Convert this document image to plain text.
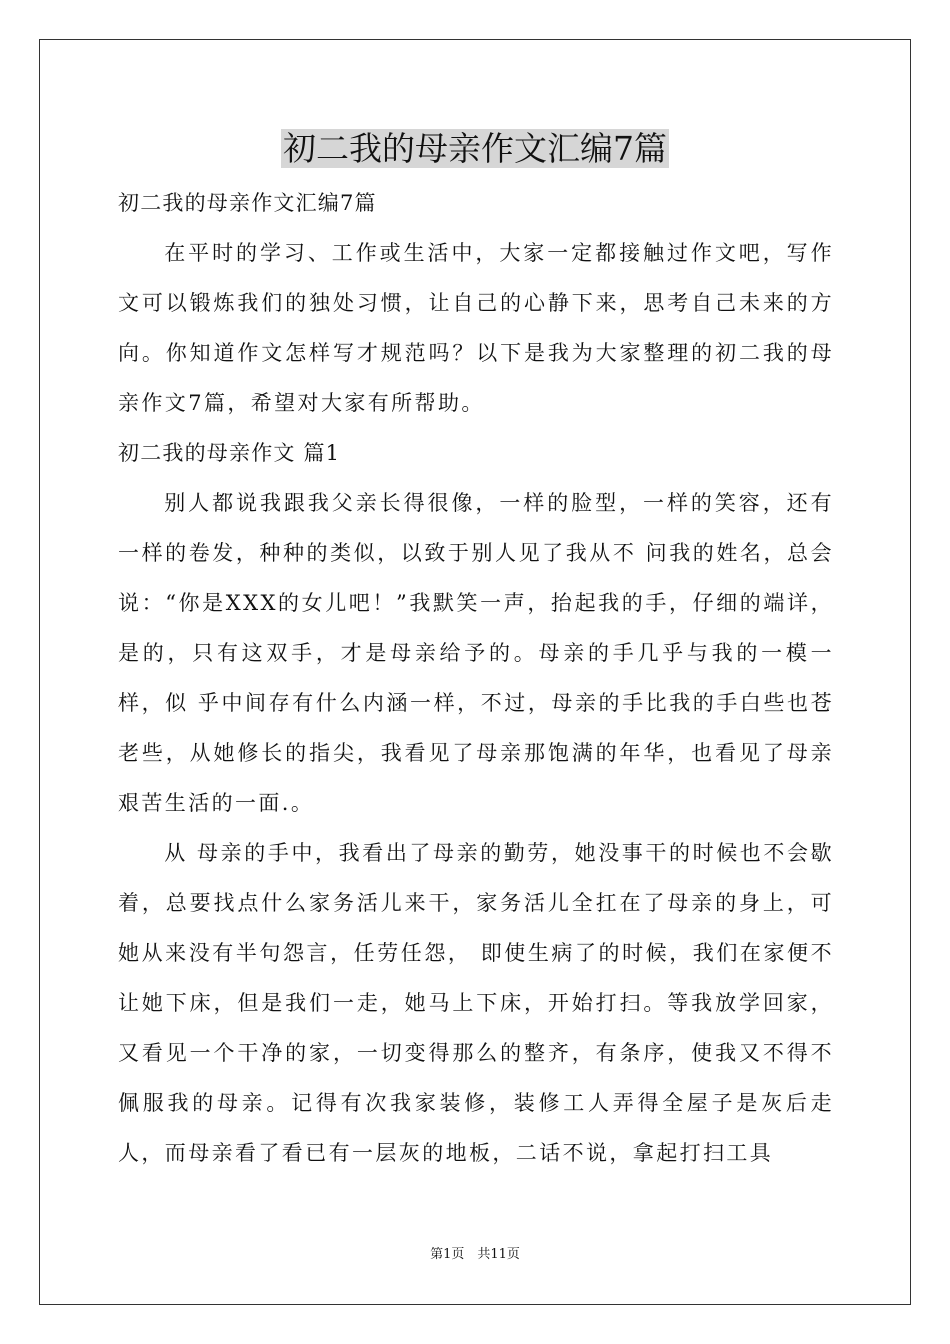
初二我的母亲作文汇编7篇

初二我的母亲作文汇编7篇

在平时的学习、工作或生活中，大家一定都接触过作文吧，写作文可以锻炼我们的独处习惯，让自己的心静下来，思考自己未来的方向。你知道作文怎样写才规范吗？以下是我为大家整理的初二我的母亲作文7篇，希望对大家有所帮助。

初二我的母亲作文 篇1

别人都说我跟我父亲长得很像，一样的脸型，一样的笑容，还有一样的卷发，种种的类似，以致于别人见了我从不 问我的姓名，总会说：“你是XXX的女儿吧！”我默笑一声，抬起我的手，仔细的端详，是的，只有这双手，才是母亲给予的。母亲的手几乎与我的一模一样，似 乎中间存有什么内涵一样，不过，母亲的手比我的手白些也苍老些，从她修长的指尖，我看见了母亲那饱满的年华，也看见了母亲艰苦生活的一面.。

从 母亲的手中，我看出了母亲的勤劳，她没事干的时候也不会歇着，总要找点什么家务活儿来干，家务活儿全扛在了母亲的身上，可她从来没有半句怨言，任劳任怨， 即使生病了的时候，我们在家便不让她下床，但是我们一走，她马上下床，开始打扫。等我放学回家，又看见一个干净的家，一切变得那么的整齐，有条序，使我又不得不佩服我的母亲。记得有次我家装修，装修工人弄得全屋子是灰后走人，而母亲看了看已有一层灰的地板，二话不说，拿起打扫工具

第1页　共11页
